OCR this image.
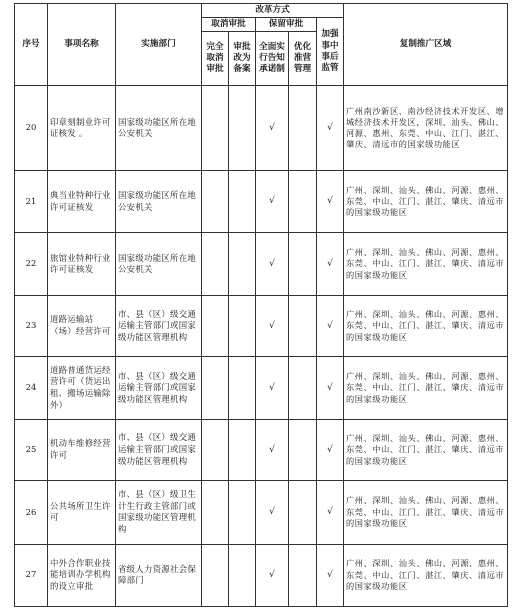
序号	事项名称	实施部门	改革方式					复制推广区域
			取消审批		保留审批		加强事中事后监管	
			完全取消审批	审批改为备案	全面实行告知承诺制	优化准营管理		
20	印章刻制业许可证核发 。	国家级功能区所在地公安机关			√		√	广州南沙新区、南沙经济技术开发区、增城经济技术开发区，深圳、汕头、佛山、河源、惠州、东莞、中山、江门、湛江、肇庆、清远市的国家级功能区
21	典当业特种行业许可证核发	国家级功能区所在地公安机关			√		√	广州、深圳、汕头、佛山、河源、惠州、东莞、中山、江门、湛江、肇庆、清远市的国家级功能区
22	旅馆业特种行业许可证核发	国家级功能区所在地公安机关			√		√	广州、深圳、汕头、佛山、河源、惠州、东莞、中山、江门、湛江、肇庆、清远市的国家级功能区
23	道路运输站（场）经营许可	市、县（区）级交通运输主管部门或国家级功能区管理机构			√		√	广州、深圳、汕头、佛山、河源、惠州、东莞、中山、江门、湛江、肇庆、清远市的国家级功能区
24	道路普通货运经营许可（货运出租、搬场运输除外）	市、县（区）级交通运输主管部门或国家级功能区管理机构			√		√	广州、深圳、汕头、佛山、河源、惠州、东莞、中山、江门、湛江、肇庆、清远市的国家级功能区
25	机动车维修经营许可	市、县（区）级交通运输主管部门或国家级功能区管理机构			√		√	广州、深圳、汕头、佛山、河源、惠州、东莞、中山、江门、湛江、肇庆、清远市的国家级功能区
26	公共场所卫生许可	市、县（区）级卫生计生行政主管部门或国家级功能区管理机构			√		√	广州、深圳、汕头、佛山、河源、惠州、东莞、中山、江门、湛江、肇庆、清远市的国家级功能区
27	中外合作职业技能培训办学机构的设立审批	省级人力资源社会保障部门			√		√	广州、深圳、汕头、佛山、河源、惠州、东莞、中山、江门、湛江、肇庆、清远市的国家级功能区
